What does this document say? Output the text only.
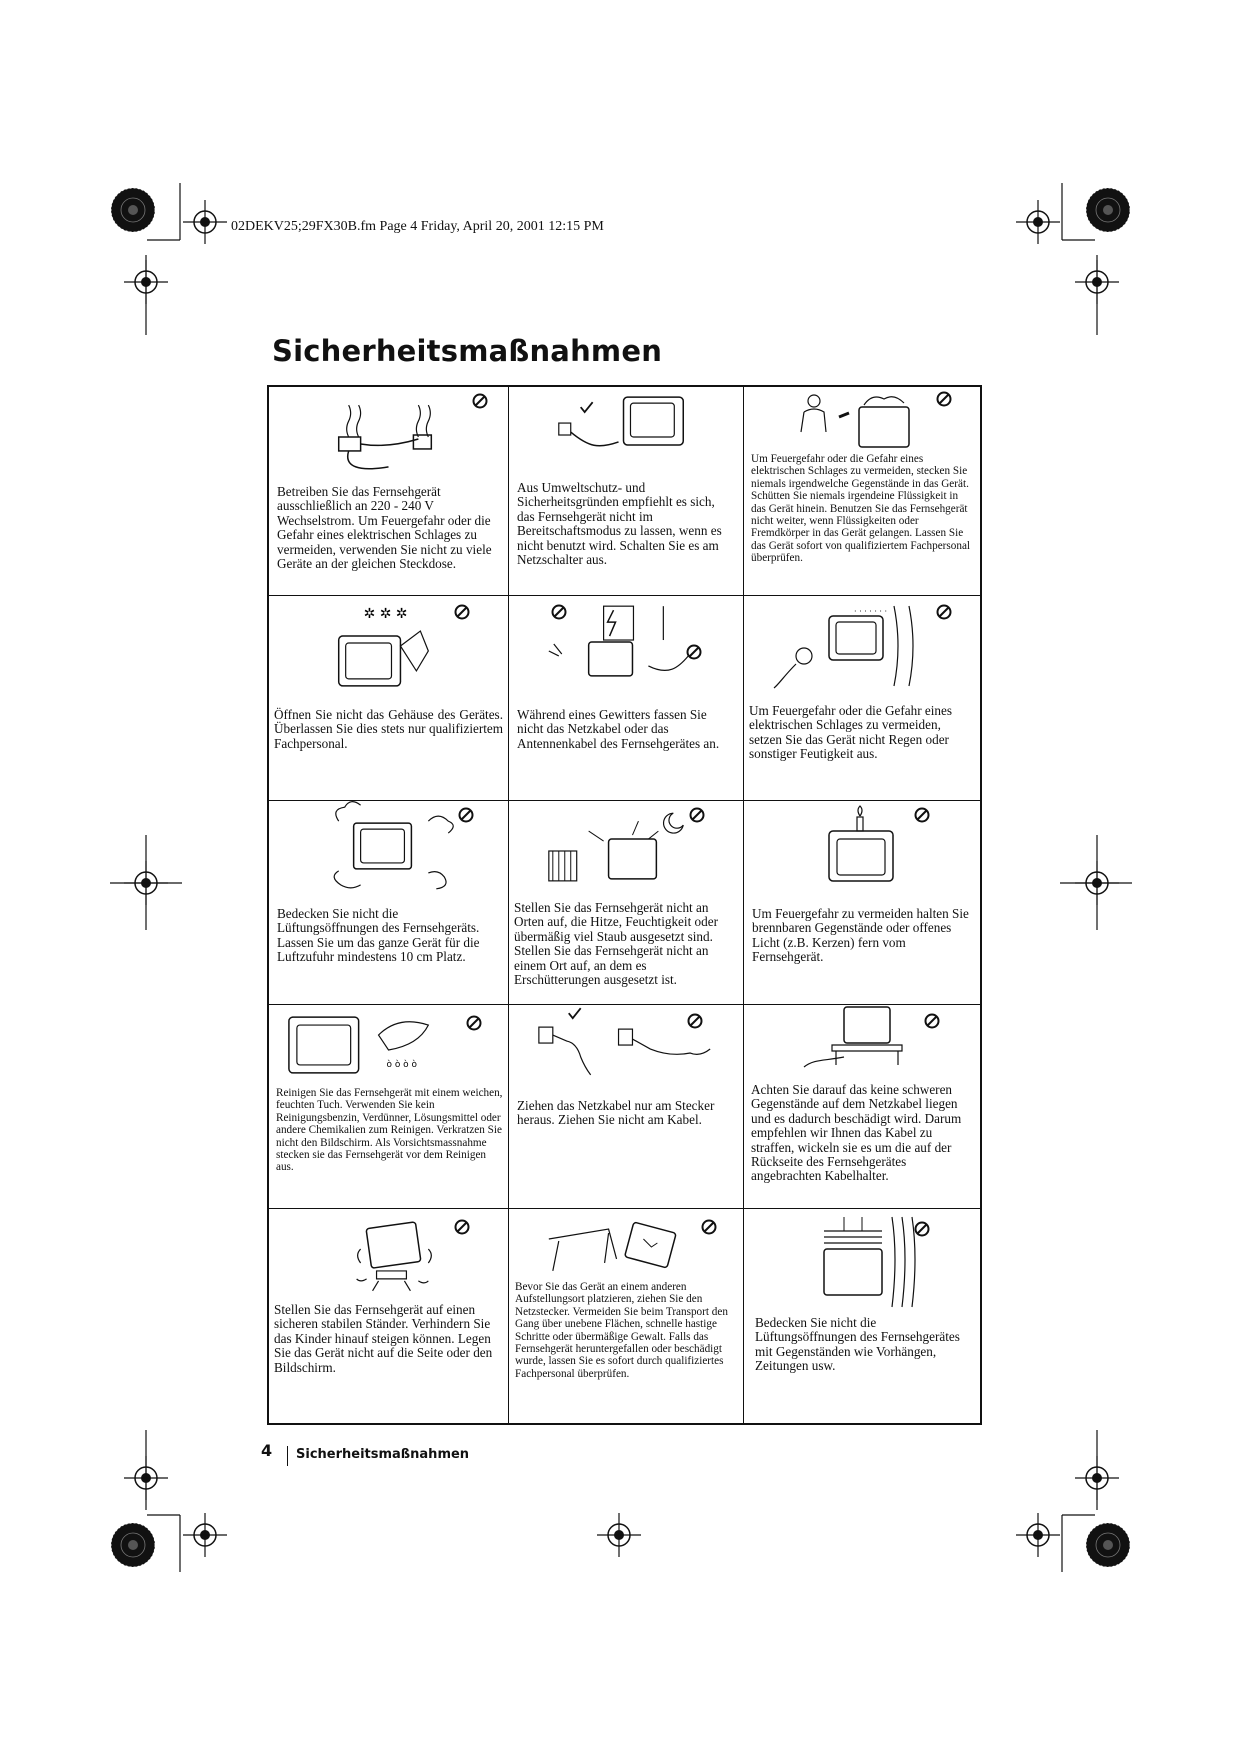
02DEKV25;29FX30B.fm Page 4 Friday, April 20, 2001 12:15 PM
Sicherheitsmaßnahmen
Betreiben Sie das Fernsehgerät ausschließlich an 220 - 240 V Wechselstrom. Um Feuergefahr oder die Gefahr eines elektrischen Schlages zu vermeiden, verwenden Sie nicht zu viele Geräte an der gleichen Steckdose.
Aus Umweltschutz- und Sicherheitsgründen empfiehlt es sich, das Fernsehgerät nicht im Bereitschaftsmodus zu lassen, wenn es nicht benutzt wird. Schalten Sie es am Netzschalter aus.
Um Feuergefahr oder die Gefahr eines elektrischen Schlages zu vermeiden, stecken Sie niemals irgendwelche Gegenstände in das Gerät. Schütten Sie niemals irgendeine Flüssigkeit in das Gerät hinein. Benutzen Sie das Fernsehgerät nicht weiter, wenn Flüssigkeiten oder Fremdkörper in das Gerät gelangen. Lassen Sie das Gerät sofort von qualifiziertem Fachpersonal überprüfen.
✲ ✲ ✲
Öffnen Sie nicht das Gehäuse des Gerätes. Überlassen Sie dies stets nur qualifiziertem Fachpersonal.
Während eines Gewitters fassen Sie nicht das Netzkabel oder das Antennenkabel des Fernsehgerätes an.
· · · · · · ·
Um Feuergefahr oder die Gefahr eines elektrischen Schlages zu vermeiden, setzen Sie das Gerät nicht Regen oder sonstiger Feutigkeit aus.
Bedecken Sie nicht die Lüftungsöffnungen des Fernsehgeräts. Lassen Sie um das ganze Gerät für die Luftzufuhr mindestens 10 cm Platz.
Stellen Sie das Fernsehgerät nicht an Orten auf, die Hitze, Feuchtigkeit oder übermäßig viel Staub ausgesetzt sind. Stellen Sie das Fernsehgerät nicht an einem Ort auf, an dem es Erschütterungen ausgesetzt ist.
Um Feuergefahr zu vermeiden halten Sie brennbaren Gegenstände oder offenes Licht (z.B. Kerzen) fern vom Fernsehgerät.
ò ò ò ò
Reinigen Sie das Fernsehgerät mit einem weichen, feuchten Tuch. Verwenden Sie kein Reinigungsbenzin, Verdünner, Lösungsmittel oder andere Chemikalien zum Reinigen. Verkratzen Sie nicht den Bildschirm. Als Vorsichtsmassnahme stecken sie das Fernsehgerät vor dem Reinigen aus.
Ziehen das Netzkabel nur am Stecker heraus. Ziehen Sie nicht am Kabel.
Achten Sie darauf das keine schweren Gegenstände auf dem Netzkabel liegen und es dadurch beschädigt wird. Darum empfehlen wir Ihnen das Kabel zu straffen, wickeln sie es um die auf der Rückseite des Fernsehgerätes angebrachten Kabelhalter.
Stellen Sie das Fernsehgerät auf einen sicheren stabilen Ständer. Verhindern Sie das Kinder hinauf steigen können. Legen Sie das Gerät nicht auf die Seite oder den Bildschirm.
Bevor Sie das Gerät an einem anderen Aufstellungsort platzieren, ziehen Sie den Netzstecker. Vermeiden Sie beim Transport den Gang über unebene Flächen, schnelle hastige Schritte oder übermäßige Gewalt. Falls das Fernsehgerät heruntergefallen oder beschädigt wurde, lassen Sie es sofort durch qualifiziertes Fachpersonal überprüfen.
Bedecken Sie nicht die Lüftungsöffnungen des Fernsehgerätes mit Gegenständen wie Vorhängen, Zeitungen usw.
4 Sicherheitsmaßnahmen
